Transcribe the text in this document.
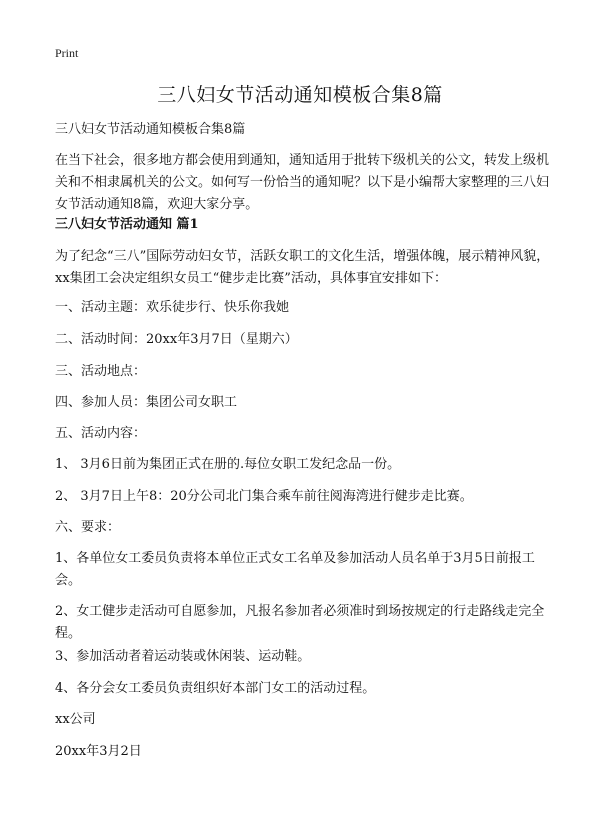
Print
三八妇女节活动通知模板合集8篇
三八妇女节活动通知模板合集8篇
在当下社会，很多地方都会使用到通知，通知适用于批转下级机关的公文，转发上级机关和不相隶属机关的公文。如何写一份恰当的通知呢？以下是小编帮大家整理的三八妇女节活动通知8篇，欢迎大家分享。
三八妇女节活动通知 篇1
为了纪念“三八”国际劳动妇女节，活跃女职工的文化生活，增强体魄，展示精神风貌，xx集团工会决定组织女员工“健步走比赛”活动，具体事宜安排如下：
一、活动主题：欢乐徒步行、快乐你我她
二、活动时间：20xx年3月7日（星期六）
三、活动地点：
四、参加人员：集团公司女职工
五、活动内容：
1、 3月6日前为集团正式在册的.每位女职工发纪念品一份。
2、 3月7日上午8：20分公司北门集合乘车前往阅海湾进行健步走比赛。
六、要求：
1、各单位女工委员负责将本单位正式女工名单及参加活动人员名单于3月5日前报工会。
2、女工健步走活动可自愿参加，凡报名参加者必须准时到场按规定的行走路线走完全程。
3、参加活动者着运动装或休闲装、运动鞋。
4、各分会女工委员负责组织好本部门女工的活动过程。
xx公司
20xx年3月2日
